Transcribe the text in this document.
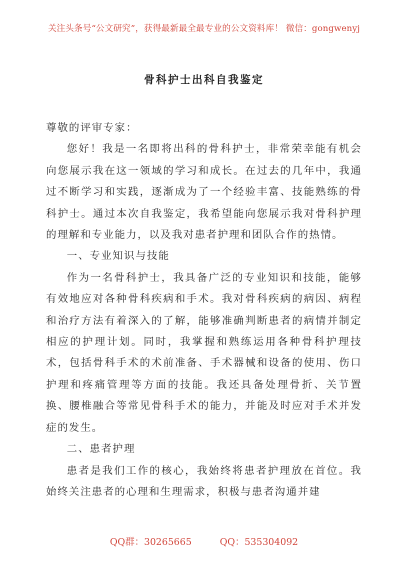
关注头条号“公文研究”，获得最新最全最专业的公文资料库！ 微信：gongwenyj
骨科护士出科自我鉴定

尊敬的评审专家：

您好！我是一名即将出科的骨科护士，非常荣幸能有机会向您展示我在这一领域的学习和成长。在过去的几年中，我通过不断学习和实践，逐渐成为了一个经验丰富、技能熟练的骨科护士。通过本次自我鉴定，我希望能向您展示我对骨科护理的理解和专业能力，以及我对患者护理和团队合作的热情。

一、专业知识与技能

作为一名骨科护士，我具备广泛的专业知识和技能，能够有效地应对各种骨科疾病和手术。我对骨科疾病的病因、病程和治疗方法有着深入的了解，能够准确判断患者的病情并制定相应的护理计划。同时，我掌握和熟练运用各种骨科护理技术，包括骨科手术的术前准备、手术器械和设备的使用、伤口护理和疼痛管理等方面的技能。我还具备处理骨折、关节置换、腰椎融合等常见骨科手术的能力，并能及时应对手术并发症的发生。

二、患者护理

患者是我们工作的核心，我始终将患者护理放在首位。我始终关注患者的心理和生理需求，积极与患者沟通并建

QQ群：30265665	QQ：535304092
